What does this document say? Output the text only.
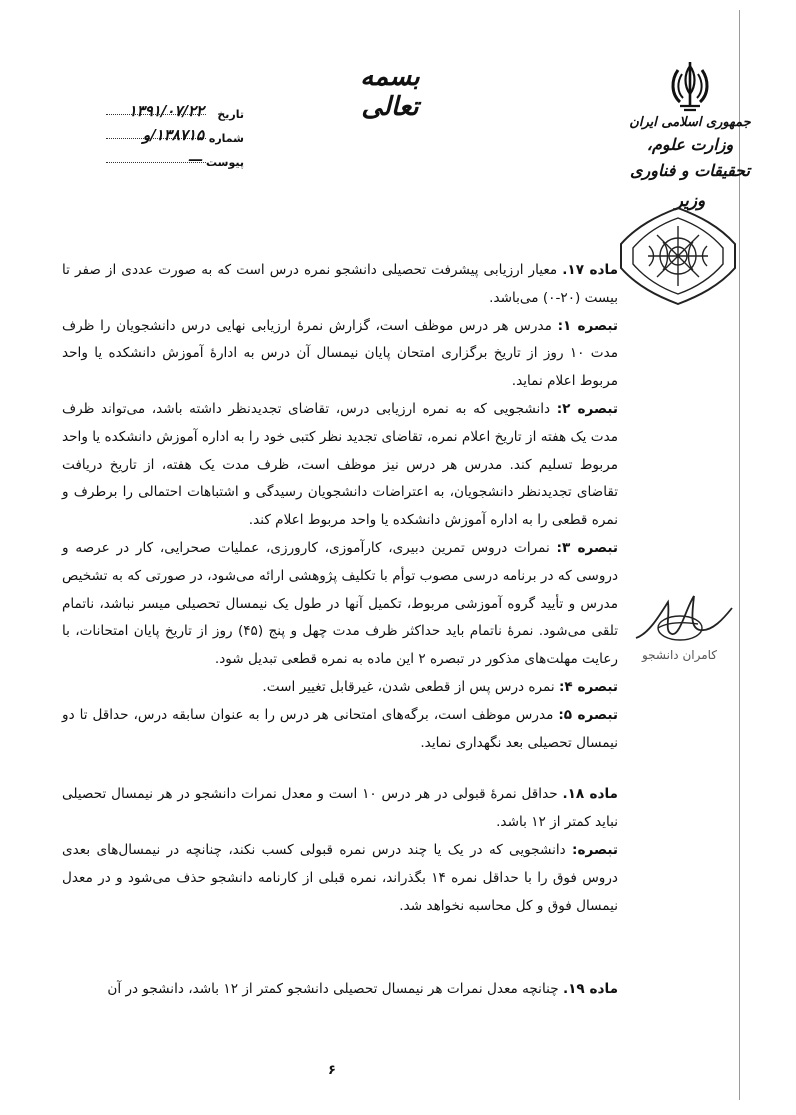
بسمه تعالی
تاریخ
۱۳۹۱/۰۷/۲۲
شماره
۱۳۸۷۱۵/و
پیوست
—
جمهوری اسلامی ایران
وزارت علوم، تحقیقات و فناوری
وزیر

ماده ۱۷. معیار ارزیابی پیشرفت تحصیلی دانشجو نمره درس است که به صورت عددی از صفر تا بیست (۲۰-۰) می‌باشد.

تبصره ۱: مدرس هر درس موظف است، گزارش نمرهٔ ارزیابی نهایی درس دانشجویان را ظرف مدت ۱۰ روز از تاریخ برگزاری امتحان پایان نیمسال آن درس به ادارهٔ آموزش دانشکده یا واحد مربوط اعلام نماید.

تبصره ۲: دانشجویی که به نمره ارزیابی درس، تقاضای تجدیدنظر داشته باشد، می‌تواند ظرف مدت یک هفته از تاریخ اعلام نمره، تقاضای تجدید نظر کتبی خود را به اداره آموزش دانشکده یا واحد مربوط تسلیم کند. مدرس هر درس نیز موظف است، ظرف مدت یک هفته، از تاریخ دریافت تقاضای تجدیدنظر دانشجویان، به اعتراضات دانشجویان رسیدگی و اشتباهات احتمالی را برطرف و نمره قطعی را به اداره آموزش دانشکده یا واحد مربوط اعلام کند.

تبصره ۳: نمرات دروس تمرین دبیری، کارآموزی، کارورزی، عملیات صحرایی، کار در عرصه و دروسی که در برنامه درسی مصوب توأم با تکلیف پژوهشی ارائه می‌شود، در صورتی که به تشخیص مدرس و تأیید گروه آموزشی مربوط، تکمیل آنها در طول یک نیمسال تحصیلی میسر نباشد، ناتمام تلقی می‌شود. نمرهٔ ناتمام باید حداکثر ظرف مدت چهل و پنج (۴۵) روز از تاریخ پایان امتحانات، با رعایت مهلت‌های مذکور در تبصره ۲ این ماده به نمره قطعی تبدیل شود.

تبصره ۴: نمره درس پس از قطعی شدن، غیرقابل تغییر است.

تبصره ۵: مدرس موظف است، برگه‌های امتحانی هر درس را به عنوان سابقه درس، حداقل تا دو نیمسال تحصیلی بعد نگهداری نماید.

ماده ۱۸. حداقل نمرهٔ قبولی در هر درس ۱۰ است و معدل نمرات دانشجو در هر نیمسال تحصیلی نباید کمتر از ۱۲ باشد.

تبصره: دانشجویی که در یک یا چند درس نمره قبولی کسب نکند، چنانچه در نیمسال‌های بعدی دروس فوق را با حداقل نمره ۱۴ بگذراند، نمره قبلی از کارنامه دانشجو حذف می‌شود و در معدل نیمسال فوق و کل محاسبه نخواهد شد.

ماده ۱۹. چنانچه معدل نمرات هر نیمسال تحصیلی دانشجو کمتر از ۱۲ باشد، دانشجو در آن

کامران دانشجو
۶
